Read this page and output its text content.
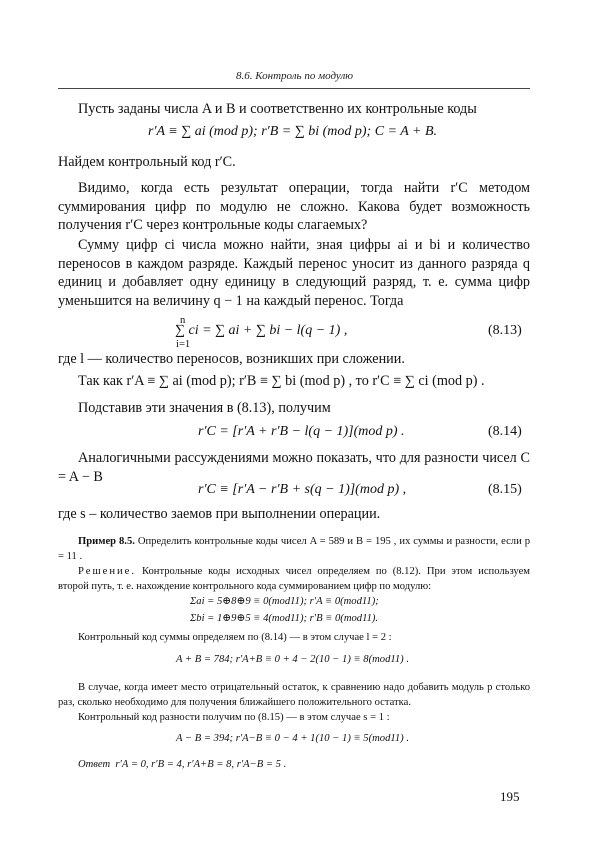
8.6. Контроль по модулю
Пусть заданы числа A и B и соответственно их контрольные коды
r′A ≡ ∑ ai (mod p); r′B = ∑ bi (mod p); C = A + B.
Найдем контрольный код r′C.
Видимо, когда есть результат операции, тогда найти r′C методом суммирования цифр по модулю не сложно. Какова будет возможность получения r′C через контрольные коды слагаемых?
Сумму цифр ci числа можно найти, зная цифры ai и bi и количество переносов в каждом разряде. Каждый перенос уносит из данного разряда q единиц и добавляет одну единицу в следующий разряд, т. е. сумма цифр уменьшится на величину q − 1 на каждый перенос. Тогда
n
∑ ci = ∑ ai + ∑ bi − l(q − 1) ,
i=1
(8.13)
где l — количество переносов, возникших при сложении.
Так как r′A ≡ ∑ ai (mod p); r′B ≡ ∑ bi (mod p) , то r′C ≡ ∑ ci (mod p) .
Подставив эти значения в (8.13), получим
r′C = [r′A + r′B − l(q − 1)](mod p) .	(8.14)
Аналогичными рассуждениями можно показать, что для разности чисел C = A − B
r′C ≡ [r′A − r′B + s(q − 1)](mod p) ,	(8.15)
где s – количество заемов при выполнении операции.
Пример 8.5. Определить контрольные коды чисел A = 589 и B = 195 , их суммы и разности, если p = 11 .
Решение. Контрольные коды исходных чисел определяем по (8.12). При этом используем второй путь, т. е. нахождение контрольного кода суммированием цифр по модулю:
Σai = 5⊕8⊕9 ≡ 0(mod11); r′A ≡ 0(mod11);
Σbi = 1⊕9⊕5 ≡ 4(mod11); r′B ≡ 0(mod11).
Контрольный код суммы определяем по (8.14) — в этом случае l = 2 :
A + B = 784; r′A+B ≡ 0 + 4 − 2(10 − 1) ≡ 8(mod11) .
В случае, когда имеет место отрицательный остаток, к сравнению надо добавить модуль p столько раз, сколько необходимо для получения ближайшего положительного остатка.
Контрольный код разности получим по (8.15) — в этом случае s = 1 :
A − B = 394; r′A−B ≡ 0 − 4 + 1(10 − 1) ≡ 5(mod11) .
Ответ r′A = 0, r′B = 4, r′A+B = 8, r′A−B = 5 .
195
